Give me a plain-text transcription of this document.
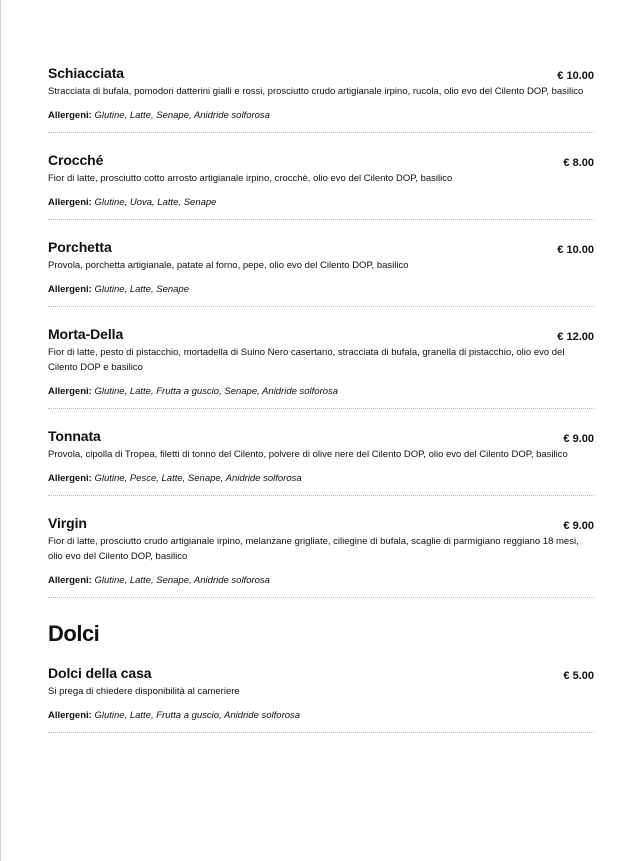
Schiacciata	€ 10.00
Stracciata di bufala, pomodori datterini gialli e rossi, prosciutto crudo artigianale irpino, rucola, olio evo del Cilento DOP, basilico
Allergeni: Glutine, Latte, Senape, Anidride solforosa
Crocché	€ 8.00
Fior di latte, prosciutto cotto arrosto artigianale irpino, crocchè, olio evo del Cilento DOP, basilico
Allergeni: Glutine, Uova, Latte, Senape
Porchetta	€ 10.00
Provola, porchetta artigianale, patate al forno, pepe, olio evo del Cilento DOP, basilico
Allergeni: Glutine, Latte, Senape
Morta-Della	€ 12.00
Fior di latte, pesto di pistacchio, mortadella di Suino Nero casertano, stracciata di bufala, granella di pistacchio, olio evo del Cilento DOP e basilico
Allergeni: Glutine, Latte, Frutta a guscio, Senape, Anidride solforosa
Tonnata	€ 9.00
Provola, cipolla di Tropea, filetti di tonno del Cilento, polvere di olive nere del Cilento DOP, olio evo del Cilento DOP, basilico
Allergeni: Glutine, Pesce, Latte, Senape, Anidride solforosa
Virgin	€ 9.00
Fior di latte, prosciutto crudo artigianale irpino, melanzane grigliate, ciliegine di bufala, scaglie di parmigiano reggiano 18 mesi, olio evo del Cilento DOP, basilico
Allergeni: Glutine, Latte, Senape, Anidride solforosa
Dolci
Dolci della casa	€ 5.00
Si prega di chiedere disponibilità al cameriere
Allergeni: Glutine, Latte, Frutta a guscio, Anidride solforosa
